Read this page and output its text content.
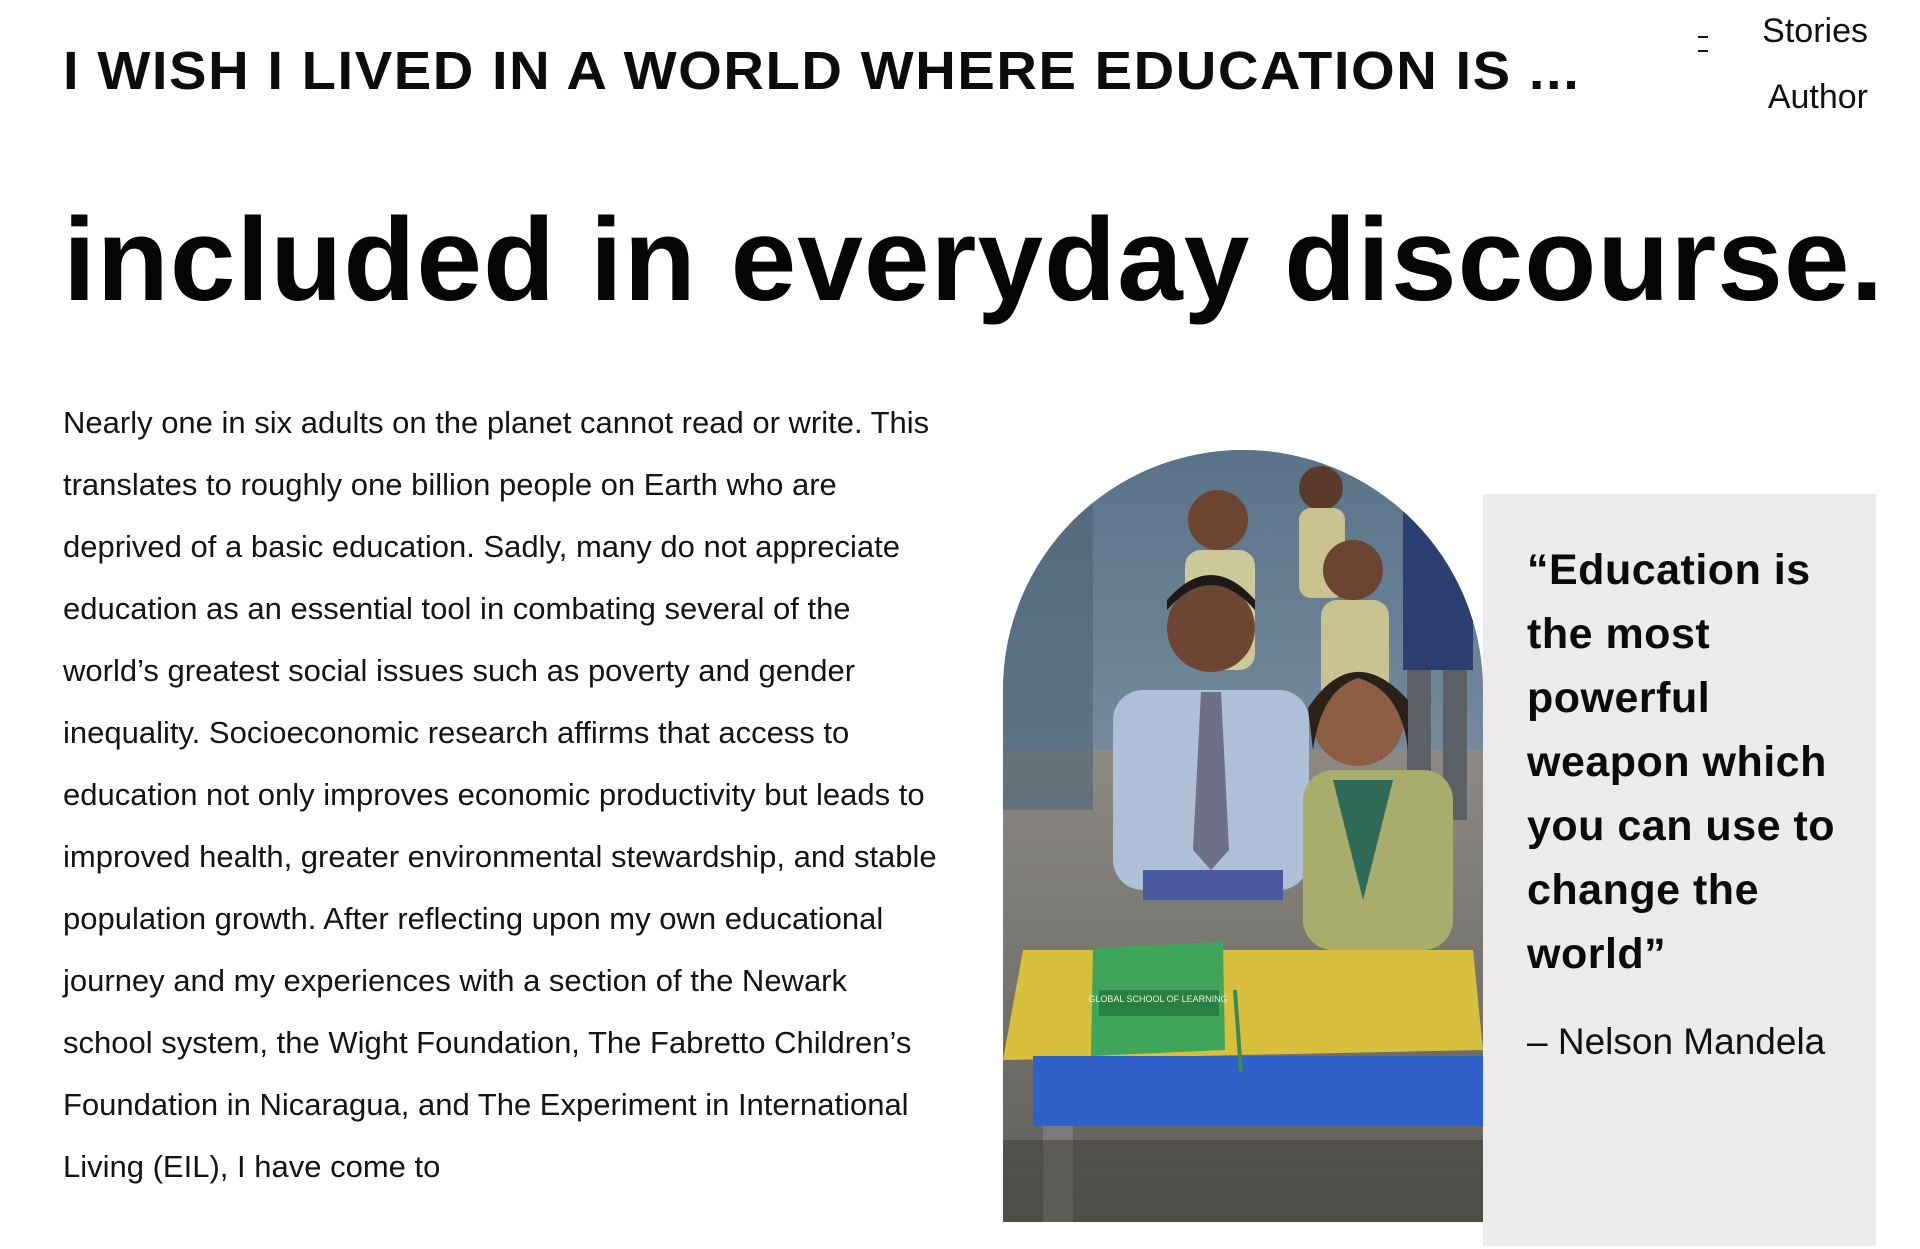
I WISH I LIVED IN A WORLD WHERE EDUCATION IS ...
Stories
Author
included in everyday discourse.

Nearly one in six adults on the planet cannot read or write. This translates to roughly one billion people on Earth who are deprived of a basic education. Sadly, many do not appreciate education as an essential tool in combating several of the world’s greatest social issues such as poverty and gender inequality. Socioeconomic research affirms that access to education not only improves economic productivity but leads to improved health, greater environmental stewardship, and stable population growth. After reflecting upon my own educational journey and my experiences with a section of the Newark school system, the Wight Foundation, The Fabretto Children’s Foundation in Nicaragua, and The Experiment in International Living (EIL), I have come to

GLOBAL SCHOOL OF LEARNING
“Education is the most powerful weapon which you can use to change the world”
– Nelson Mandela
